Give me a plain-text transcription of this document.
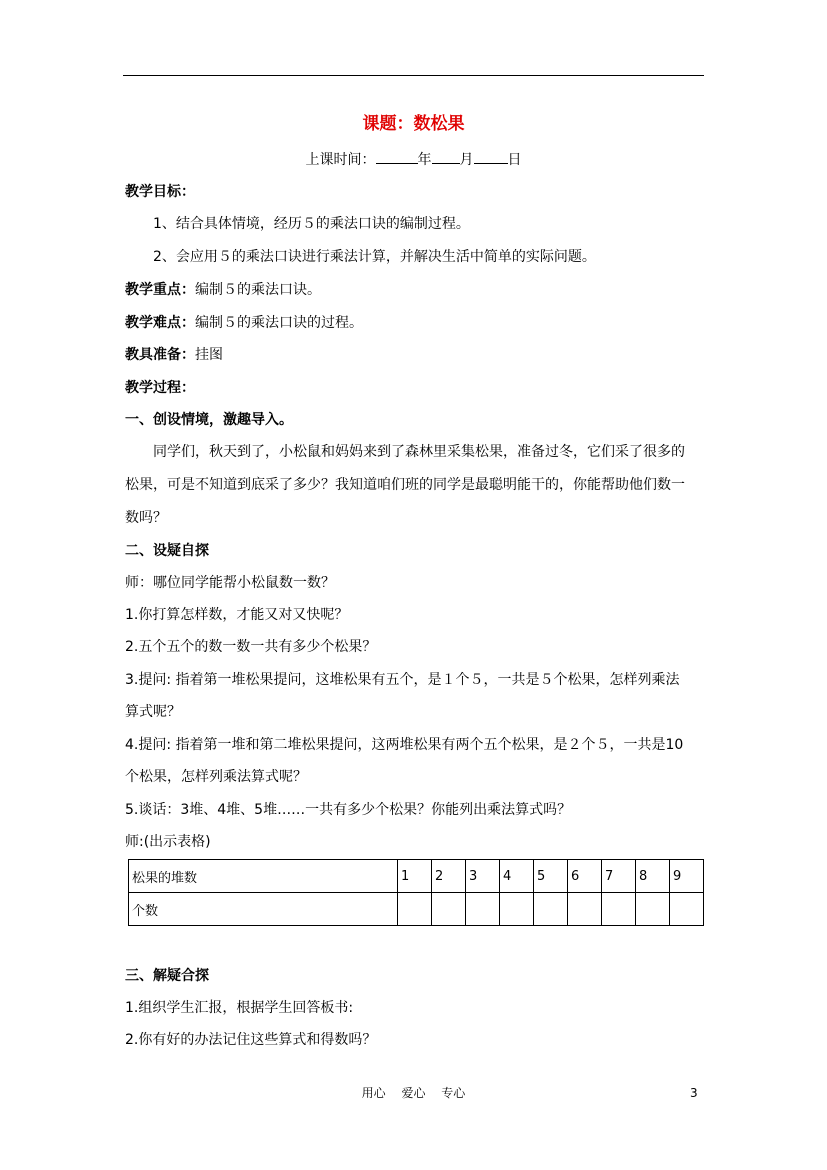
课题：数松果
上课时间：	年 月 日
教学目标：
1、结合具体情境，经历５的乘法口诀的编制过程。
2、会应用５的乘法口诀进行乘法计算，并解决生活中简单的实际问题。
教学重点：编制５的乘法口诀。
教学难点：编制５的乘法口诀的过程。
教具准备：挂图
教学过程：
一、创设情境，激趣导入。
同学们，秋天到了，小松鼠和妈妈来到了森林里采集松果，准备过冬，它们采了很多的
松果，可是不知道到底采了多少？我知道咱们班的同学是最聪明能干的，你能帮助他们数一
数吗？
二、设疑自探
师：哪位同学能帮小松鼠数一数？
1.你打算怎样数，才能又对又快呢？
2.五个五个的数一数一共有多少个松果？
3.提问: 指着第一堆松果提问，这堆松果有五个，是１个５，一共是５个松果，怎样列乘法
算式呢？
4.提问: 指着第一堆和第二堆松果提问，这两堆松果有两个五个松果，是２个５，一共是10
个松果，怎样列乘法算式呢？
5.谈话：3堆、4堆、5堆……一共有多少个松果？你能列出乘法算式吗？
师:(出示表格)
松果的堆数	1	2	3	4	5	6	7	8	9
个数									
三、解疑合探
1.组织学生汇报，根据学生回答板书:
2.你有好的办法记住这些算式和得数吗？
用心 爱心 专心	3
